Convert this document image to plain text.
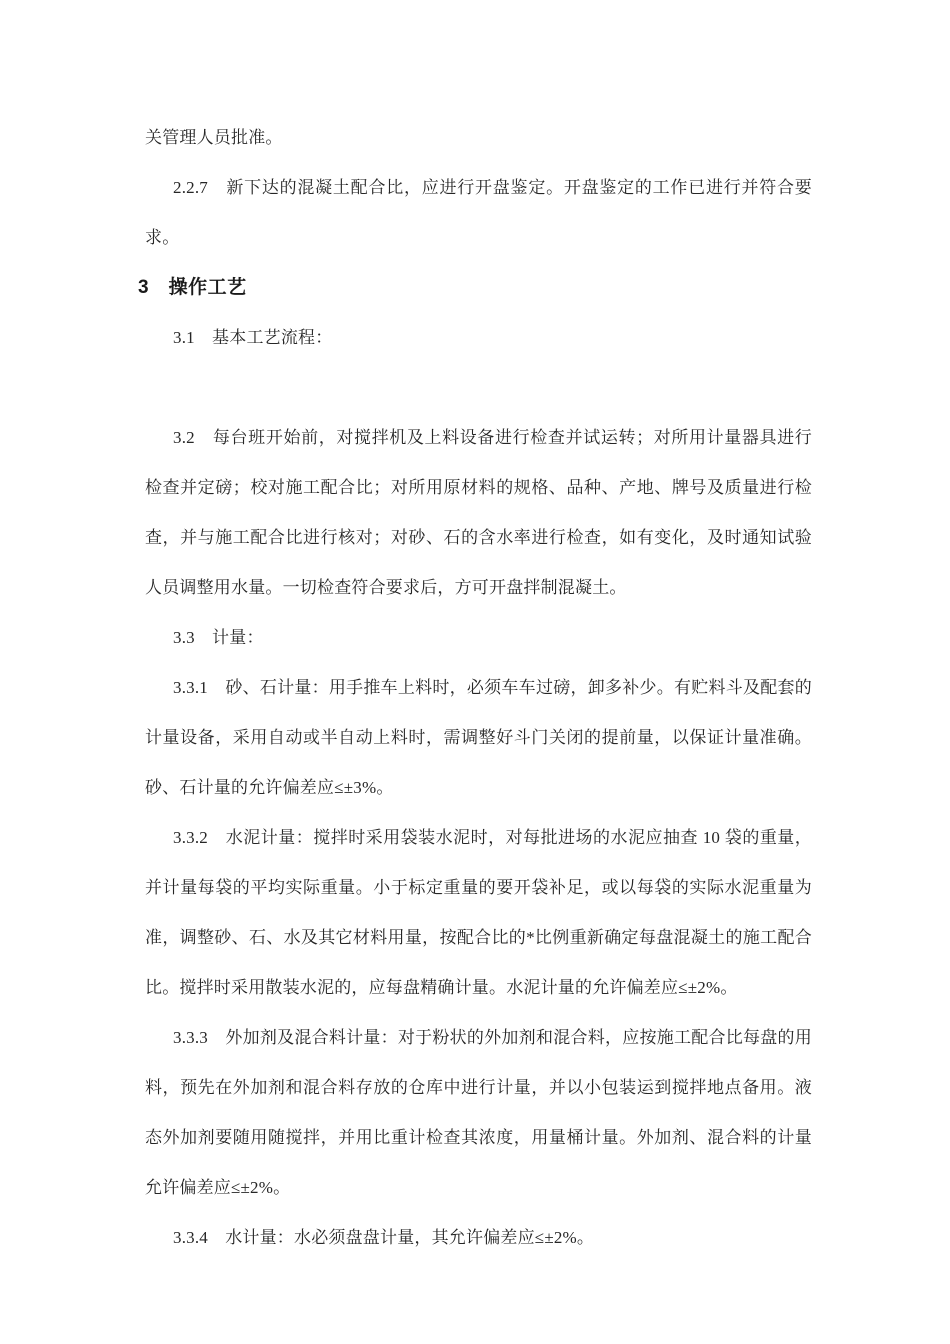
关管理人员批准。

2.2.7　新下达的混凝土配合比，应进行开盘鉴定。开盘鉴定的工作已进行并符合要求。

3　操作工艺

3.1　基本工艺流程：

3.2　每台班开始前，对搅拌机及上料设备进行检查并试运转；对所用计量器具进行检查并定磅；校对施工配合比；对所用原材料的规格、品种、产地、牌号及质量进行检查，并与施工配合比进行核对；对砂、石的含水率进行检查，如有变化，及时通知试验人员调整用水量。一切检查符合要求后，方可开盘拌制混凝土。

3.3　计量：

3.3.1　砂、石计量：用手推车上料时，必须车车过磅，卸多补少。有贮料斗及配套的计量设备，采用自动或半自动上料时，需调整好斗门关闭的提前量，以保证计量准确。砂、石计量的允许偏差应≤±3%。

3.3.2　水泥计量：搅拌时采用袋装水泥时，对每批进场的水泥应抽查 10 袋的重量，并计量每袋的平均实际重量。小于标定重量的要开袋补足，或以每袋的实际水泥重量为准，调整砂、石、水及其它材料用量，按配合比的*比例重新确定每盘混凝土的施工配合比。搅拌时采用散装水泥的，应每盘精确计量。水泥计量的允许偏差应≤±2%。

3.3.3　外加剂及混合料计量：对于粉状的外加剂和混合料，应按施工配合比每盘的用料，预先在外加剂和混合料存放的仓库中进行计量，并以小包装运到搅拌地点备用。液态外加剂要随用随搅拌，并用比重计检查其浓度，用量桶计量。外加剂、混合料的计量允许偏差应≤±2%。

3.3.4　水计量：水必须盘盘计量，其允许偏差应≤±2%。
